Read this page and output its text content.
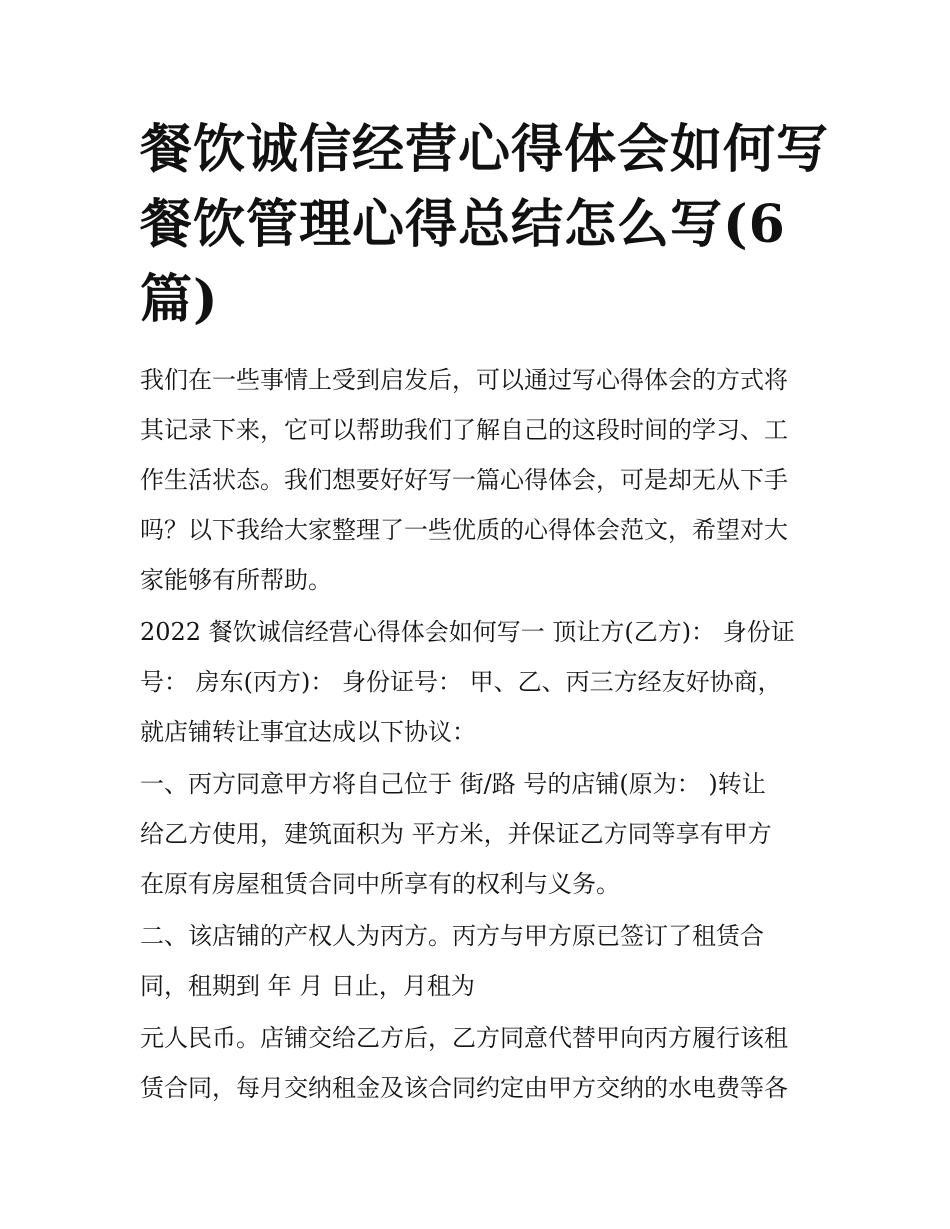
餐饮诚信经营心得体会如何写
餐饮管理心得总结怎么写(6
篇)

我们在一些事情上受到启发后，可以通过写心得体会的方式将

其记录下来，它可以帮助我们了解自己的这段时间的学习、工

作生活状态。我们想要好好写一篇心得体会，可是却无从下手

吗？以下我给大家整理了一些优质的心得体会范文，希望对大

家能够有所帮助。

2022 餐饮诚信经营心得体会如何写一 顶让方(乙方)： 身份证

号： 房东(丙方)： 身份证号： 甲、乙、丙三方经友好协商，

就店铺转让事宜达成以下协议：

一、丙方同意甲方将自己位于 街/路 号的店铺(原为： )转让

给乙方使用，建筑面积为 平方米，并保证乙方同等享有甲方

在原有房屋租赁合同中所享有的权利与义务。

二、该店铺的产权人为丙方。丙方与甲方原已签订了租赁合

同，租期到 年 月 日止，月租为

元人民币。店铺交给乙方后，乙方同意代替甲向丙方履行该租

赁合同，每月交纳租金及该合同约定由甲方交纳的水电费等各
